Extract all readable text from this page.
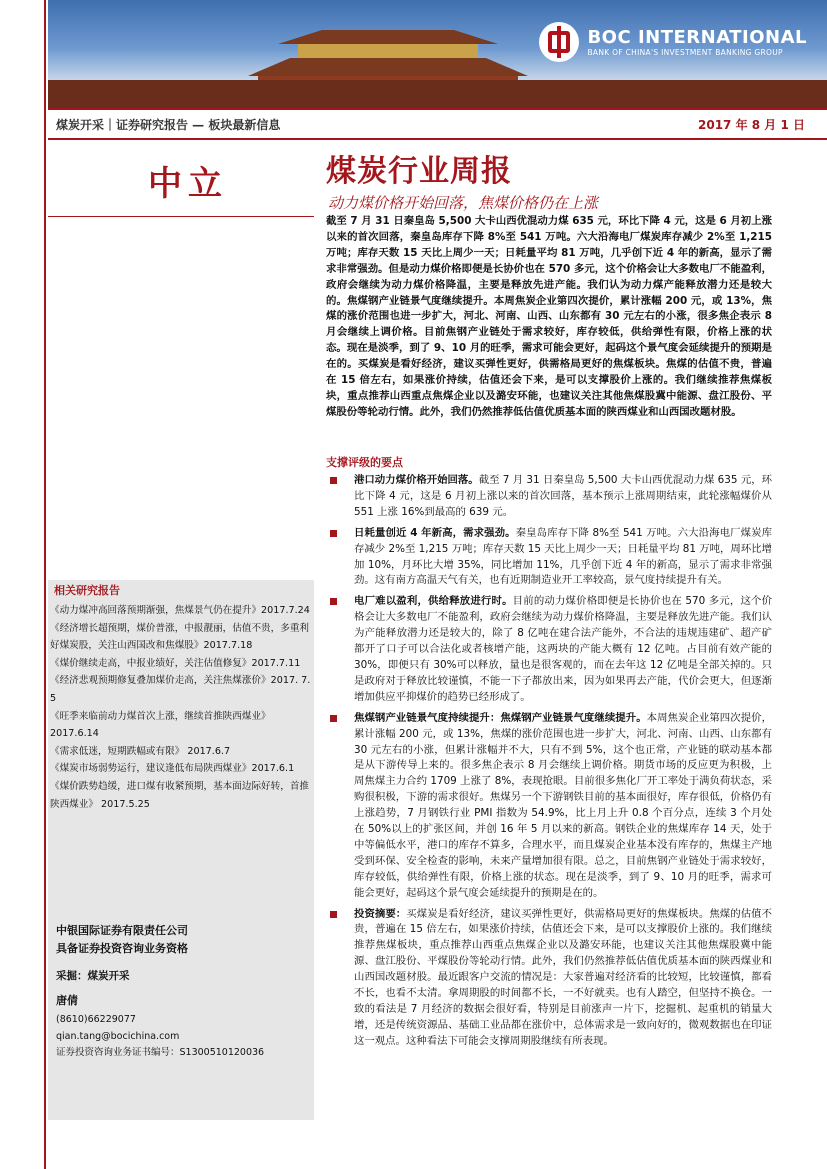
BOC INTERNATIONAL
BANK OF CHINA'S INVESTMENT BANKING GROUP
煤炭开采｜证券研究报告 — 板块最新信息	2017 年 8 月 1 日
中立
相关研究报告
《动力煤冲高回落预期渐强，焦煤景气仍在提升》2017.7.24
《经济增长超预期，煤价普涨，中报靓丽，估值不贵，多重利好煤炭股，关注山西国改和焦煤股》2017.7.18
《煤价继续走高，中报业绩好，关注估值修复》2017.7.11
《经济悲观预期修复叠加煤价走高，关注焦煤涨价》2017. 7. 5
《旺季来临前动力煤首次上涨，继续首推陕西煤业》2017.6.14
《需求低迷，短期跌幅或有限》 2017.6.7
《煤炭市场弱势运行，建议逢低布局陕西煤业》2017.6.1
《煤价跌势趋缓，进口煤有收紧预期，基本面边际好转，首推陕西煤业》 2017.5.25
中银国际证券有限责任公司
具备证券投资咨询业务资格
采掘：煤炭开采
唐倩
(8610)66229077
qian.tang@bocichina.com
证券投资咨询业务证书编号：S1300510120036
煤炭行业周报
动力煤价格开始回落，焦煤价格仍在上涨
截至 7 月 31 日秦皇岛 5,500 大卡山西优混动力煤 635 元，环比下降 4 元，这是 6 月初上涨以来的首次回落，秦皇岛库存下降 8%至 541 万吨。六大沿海电厂煤炭库存减少 2%至 1,215 万吨；库存天数 15 天比上周少一天；日耗量平均 81 万吨，几乎创下近 4 年的新高，显示了需求非常强劲。但是动力煤价格即便是长协价也在 570 多元，这个价格会让大多数电厂不能盈利，政府会继续为动力煤价格降温，主要是释放先进产能。我们认为动力煤产能释放潜力还是较大的。焦煤钢产业链景气度继续提升。本周焦炭企业第四次提价，累计涨幅 200 元，或 13%，焦煤的涨价范围也进一步扩大，河北、河南、山西、山东都有 30 元左右的小涨，很多焦企表示 8 月会继续上调价格。目前焦钢产业链处于需求较好，库存较低，供给弹性有限，价格上涨的状态。现在是淡季，到了 9、10 月的旺季，需求可能会更好，起码这个景气度会延续提升的预期是在的。买煤炭是看好经济，建议买弹性更好，供需格局更好的焦煤板块。焦煤的估值不贵，普遍在 15 倍左右，如果涨价持续，估值还会下来，是可以支撑股价上涨的。我们继续推荐焦煤板块，重点推荐山西重点焦煤企业以及潞安环能，也建议关注其他焦煤股冀中能源、盘江股份、平煤股份等轮动行情。此外，我们仍然推荐低估值优质基本面的陕西煤业和山西国改题材股。
支撑评级的要点
港口动力煤价格开始回落。截至 7 月 31 日秦皇岛 5,500 大卡山西优混动力煤 635 元，环比下降 4 元，这是 6 月初上涨以来的首次回落，基本预示上涨周期结束，此轮涨幅煤价从 551 上涨 16%到最高的 639 元。
日耗量创近 4 年新高，需求强劲。秦皇岛库存下降 8%至 541 万吨。六大沿海电厂煤炭库存减少 2%至 1,215 万吨；库存天数 15 天比上周少一天；日耗量平均 81 万吨，周环比增加 10%，月环比大增 35%，同比增加 11%，几乎创下近 4 年的新高，显示了需求非常强劲。这有南方高温天气有关，也有近期制造业开工率较高，景气度持续提升有关。
电厂难以盈利，供给释放进行时。目前的动力煤价格即便是长协价也在 570 多元，这个价格会让大多数电厂不能盈利，政府会继续为动力煤价格降温，主要是释放先进产能。我们认为产能释放潜力还是较大的，除了 8 亿吨在建合法产能外，不合法的违规违建矿、超产矿都开了口子可以合法化或者核增产能，这两块的产能大概有 12 亿吨。占目前有效产能的 30%，即便只有 30%可以释放，量也是很客观的，而在去年这 12 亿吨是全部关掉的。只是政府对于释放比较谨慎，不能一下子都放出来，因为如果再去产能，代价会更大，但逐渐增加供应平抑煤价的趋势已经形成了。
焦煤钢产业链景气度持续提升：焦煤钢产业链景气度继续提升。本周焦炭企业第四次提价，累计涨幅 200 元，或 13%，焦煤的涨价范围也进一步扩大，河北、河南、山西、山东都有 30 元左右的小涨，但累计涨幅并不大，只有不到 5%，这个也正常，产业链的联动基本都是从下游传导上来的。很多焦企表示 8 月会继续上调价格。期货市场的反应更为积极，上周焦煤主力合约 1709 上涨了 8%，表现抢眼。目前很多焦化厂开工率处于满负荷状态，采购很积极，下游的需求很好。焦煤另一个下游钢铁目前的基本面很好，库存很低，价格仍有上涨趋势，7 月钢铁行业 PMI 指数为 54.9%，比上月上升 0.8 个百分点，连续 3 个月处在 50%以上的扩张区间，并创 16 年 5 月以来的新高。钢铁企业的焦煤库存 14 天，处于中等偏低水平，港口的库存不算多，合理水平，而且煤炭企业基本没有库存的，焦煤主产地受到环保、安全检查的影响，未来产量增加很有限。总之，目前焦钢产业链处于需求较好，库存较低，供给弹性有限，价格上涨的状态。现在是淡季，到了 9、10 月的旺季，需求可能会更好，起码这个景气度会延续提升的预期是在的。
投资摘要：买煤炭是看好经济，建议买弹性更好，供需格局更好的焦煤板块。焦煤的估值不贵，普遍在 15 倍左右，如果涨价持续，估值还会下来，是可以支撑股价上涨的。我们继续推荐焦煤板块，重点推荐山西重点焦煤企业以及潞安环能，也建议关注其他焦煤股冀中能源、盘江股份、平煤股份等轮动行情。此外，我们仍然推荐低估值优质基本面的陕西煤业和山西国改题材股。最近跟客户交流的情况是：大家普遍对经济看的比较短，比较谨慎，都看不长，也看不太清。拿周期股的时间都不长，一不好就卖。也有人踏空，但坚持不换仓。一致的看法是 7 月经济的数据会很好看，特别是目前涨声一片下，挖掘机、起重机的销量大增，还是传统资源品、基础工业品都在涨价中，总体需求是一致向好的，微观数据也在印证这一观点。这种看法下可能会支撑周期股继续有所表现。
